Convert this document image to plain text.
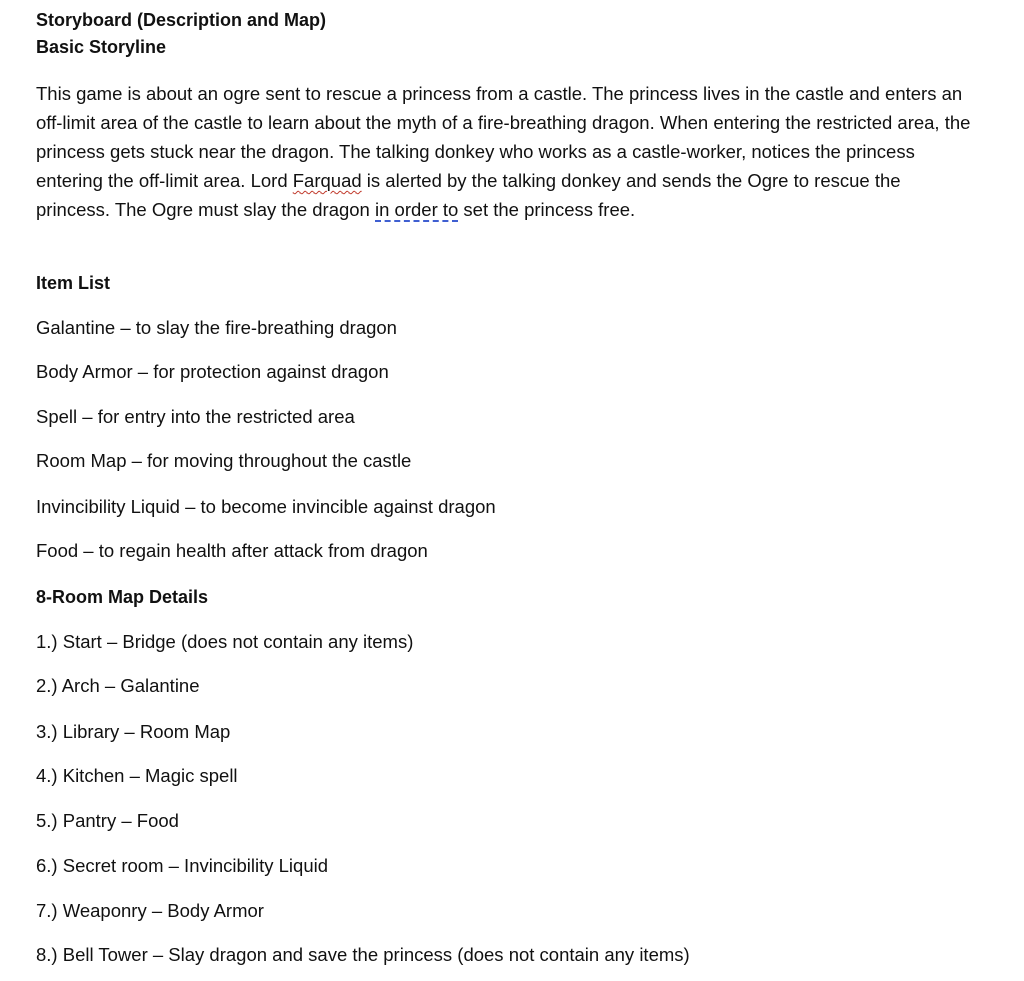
Storyboard (Description and Map)

Basic Storyline

This game is about an ogre sent to rescue a princess from a castle. The princess lives in the castle and enters an off-limit area of the castle to learn about the myth of a fire-breathing dragon. When entering the restricted area, the princess gets stuck near the dragon. The talking donkey who works as a castle-worker, notices the princess entering the off-limit area. Lord Farquad is alerted by the talking donkey and sends the Ogre to rescue the princess. The Ogre must slay the dragon in order to set the princess free.

Item List

Galantine – to slay the fire-breathing dragon

Body Armor – for protection against dragon

Spell – for entry into the restricted area

Room Map – for moving throughout the castle

Invincibility Liquid – to become invincible against dragon

Food – to regain health after attack from dragon

8-Room Map Details

1.) Start – Bridge (does not contain any items)

2.) Arch – Galantine

3.) Library – Room Map

4.) Kitchen – Magic spell

5.) Pantry – Food

6.) Secret room – Invincibility Liquid

7.) Weaponry – Body Armor

8.) Bell Tower – Slay dragon and save the princess (does not contain any items)
